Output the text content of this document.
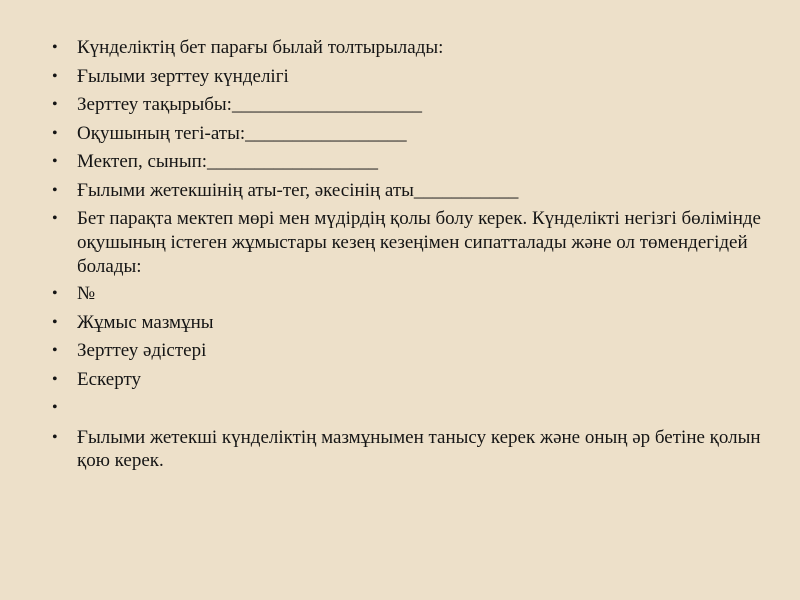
• Күнделіктің бет парағы былай толтырылады:
• Ғылыми зерттеу күнделігі
• Зерттеу тақырыбы:____________________
• Оқушының тегі-аты:_________________
• Мектеп, сынып:__________________
• Ғылыми жетекшінің аты-тег, әкесінің аты___________
• Бет парақта мектеп мөрі мен мүдірдің қолы болу керек. Күнделікті негізгі бөлімінде оқушының істеген жұмыстары кезең кезеңімен сипатталады және ол төмендегідей болады:
• №
• Жұмыс мазмұны
• Зерттеу әдістері
• Ескерту
•
• Ғылыми жетекші күнделіктің мазмұнымен танысу керек және оның әр бетіне қолын қою керек.
